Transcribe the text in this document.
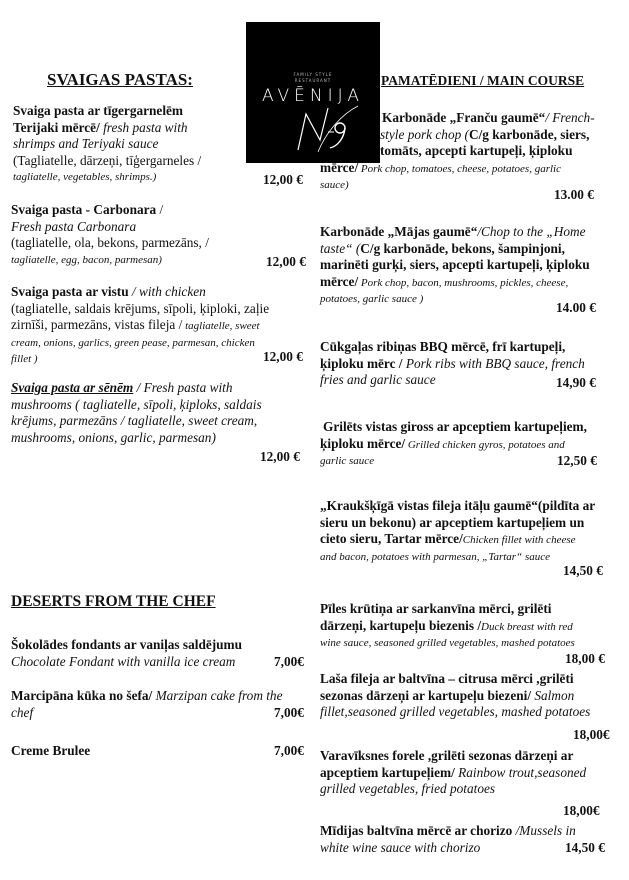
FAMILY STYLE
RESTAURANT
AVĒNIJA
SVAIGAS PASTAS:
Svaiga pasta ar tīgergarnelēm
Terijaki mērcē/ fresh pasta with
shrimps and Teriyaki sauce
(Tagliatelle, dārzeņi, tīģergarneles /
tagliatelle, vegetables, shrimps.)	12,00 €
Svaiga pasta - Carbonara /
Fresh pasta Carbonara
(tagliatelle, ola, bekons, parmezāns, /
tagliatelle, egg, bacon, parmesan)	12,00 €
Svaiga pasta ar vistu / with chicken
(tagliatelle, saldais krējums, sīpoli, ķiploki, zaļie
zirnīši, parmezāns, vistas fileja / tagliatelle, sweet
cream, onions, garlics, green pease, parmesan, chicken
fillet )	12,00 €
Svaiga pasta ar sēnēm / Fresh pasta with
mushrooms ( tagliatelle, sīpoli, ķiploks, saldais
krējums, parmezāns / tagliatelle, sweet cream,
mushrooms, onions, garlic, parmesan)
12,00 €
DESERTS FROM THE CHEF
Šokolādes fondants ar vaniļas saldējumu
Chocolate Fondant with vanilla ice cream	7,00€
Marcipāna kūka no šefa/ Marzipan cake from the
chef	7,00€
Creme Brulee	7,00€
PAMATĒDIENI / MAIN COURSE
Karbonāde „Franču gaumē“/ French-
style pork chop (C/g karbonāde, siers,
tomāts, apcepti kartupeļi, ķiploku
mērce/ Pork chop, tomatoes, cheese, potatoes, garlic
sauce)
13.00 €
Karbonāde „Mājas gaumē“/Chop to the „Home
taste“ (C/g karbonāde, bekons, šampinjoni,
marinēti gurķi, siers, apcepti kartupeļi, ķiploku
mērce/ Pork chop, bacon, mushrooms, pickles, cheese,
potatoes, garlic sauce )
14.00 €
Cūkgaļas ribiņas BBQ mērcē, frī kartupeļi,
ķiploku mērc / Pork ribs with BBQ sauce, french
fries and garlic sauce	14,90 €
Grilēts vistas giross ar apceptiem kartupeļiem,
ķiploku mērce/ Grilled chicken gyros, potatoes and
garlic sauce	12,50 €
„Kraukšķīgā vistas fileja itāļu gaumē“(pildīta ar
sieru un bekonu) ar apceptiem kartupeļiem un
cieto sieru, Tartar mērce/Chicken fillet with cheese
and bacon, potatoes with parmesan, „Tartar“ sauce
14,50 €
Pīles krūtiņa ar sarkanvīna mērci, grilēti
dārzeņi, kartupeļu biezenis /Duck breast with red
wine sauce, seasoned grilled vegetables, mashed potatoes
18,00 €
Laša fileja ar baltvīna – citrusa mērci ,grilēti
sezonas dārzeņi ar kartupeļu biezeni/ Salmon
fillet,seasoned grilled vegetables, mashed potatoes
18,00€
Varavīksnes forele ,grilēti sezonas dārzeņi ar
apceptiem kartupeļiem/ Rainbow trout,seasoned
grilled vegetables, fried potatoes
18,00€
Mīdijas baltvīna mērcē ar chorizo /Mussels in
white wine sauce with chorizo	14,50 €
